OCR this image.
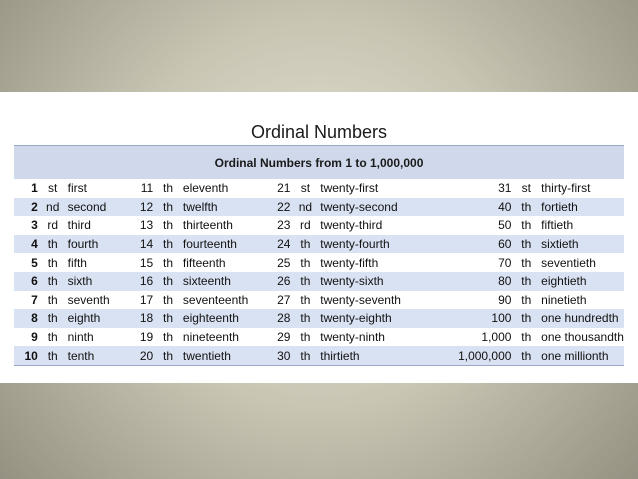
Ordinal Numbers
Ordinal Numbers from 1 to 1,000,000
1	st	first	11	th	eleventh	21	st	twenty-first	31	st	thirty-first
2	nd	second	12	th	twelfth	22	nd	twenty-second	40	th	fortieth
3	rd	third	13	th	thirteenth	23	rd	twenty-third	50	th	fiftieth
4	th	fourth	14	th	fourteenth	24	th	twenty-fourth	60	th	sixtieth
5	th	fifth	15	th	fifteenth	25	th	twenty-fifth	70	th	seventieth
6	th	sixth	16	th	sixteenth	26	th	twenty-sixth	80	th	eightieth
7	th	seventh	17	th	seventeenth	27	th	twenty-seventh	90	th	ninetieth
8	th	eighth	18	th	eighteenth	28	th	twenty-eighth	100	th	one hundredth
9	th	ninth	19	th	nineteenth	29	th	twenty-ninth	1,000	th	one thousandth
10	th	tenth	20	th	twentieth	30	th	thirtieth	1,000,000	th	one millionth
